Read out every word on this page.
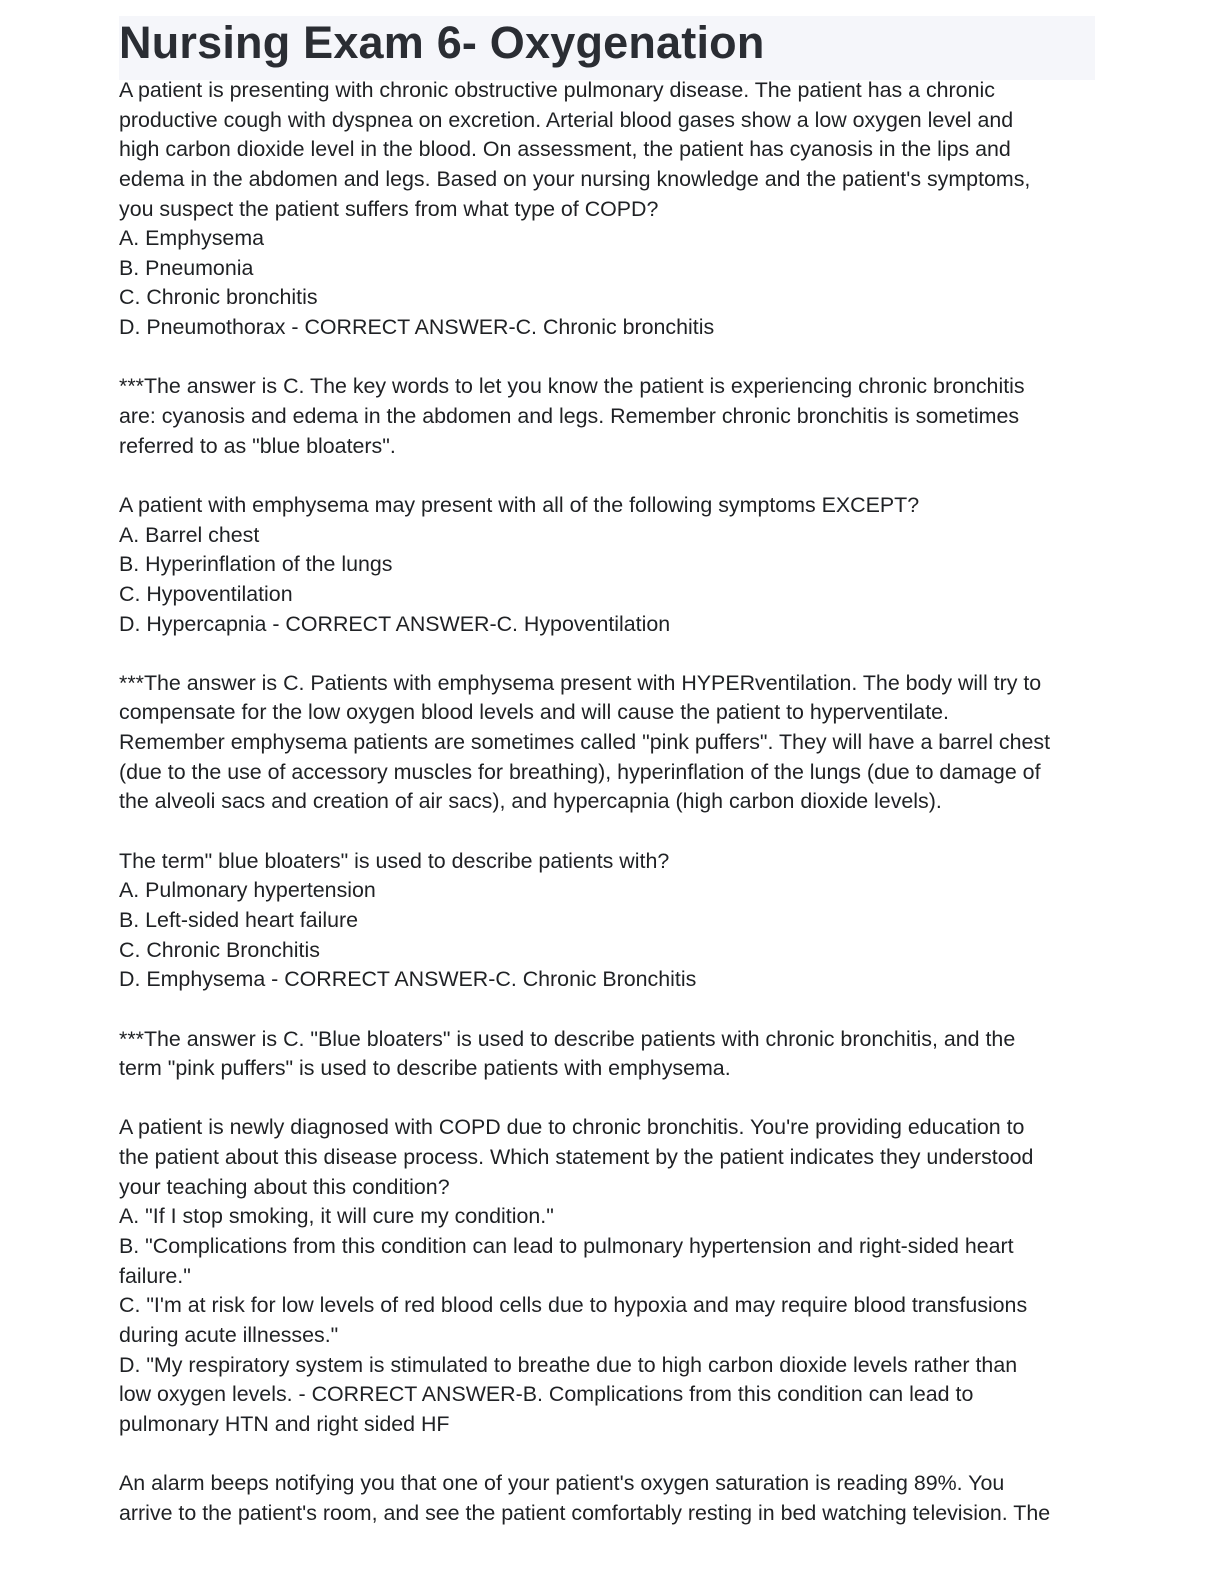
Nursing Exam 6- Oxygenation
A patient is presenting with chronic obstructive pulmonary disease. The patient has a chronic
productive cough with dyspnea on excretion. Arterial blood gases show a low oxygen level and
high carbon dioxide level in the blood. On assessment, the patient has cyanosis in the lips and
edema in the abdomen and legs. Based on your nursing knowledge and the patient's symptoms,
you suspect the patient suffers from what type of COPD?
A. Emphysema
B. Pneumonia
C. Chronic bronchitis
D. Pneumothorax - CORRECT ANSWER-C. Chronic bronchitis
***The answer is C. The key words to let you know the patient is experiencing chronic bronchitis
are: cyanosis and edema in the abdomen and legs. Remember chronic bronchitis is sometimes
referred to as "blue bloaters".
A patient with emphysema may present with all of the following symptoms EXCEPT?
A. Barrel chest
B. Hyperinflation of the lungs
C. Hypoventilation
D. Hypercapnia - CORRECT ANSWER-C. Hypoventilation
***The answer is C. Patients with emphysema present with HYPERventilation. The body will try to
compensate for the low oxygen blood levels and will cause the patient to hyperventilate.
Remember emphysema patients are sometimes called "pink puffers". They will have a barrel chest
(due to the use of accessory muscles for breathing), hyperinflation of the lungs (due to damage of
the alveoli sacs and creation of air sacs), and hypercapnia (high carbon dioxide levels).
The term" blue bloaters" is used to describe patients with?
A. Pulmonary hypertension
B. Left-sided heart failure
C. Chronic Bronchitis
D. Emphysema - CORRECT ANSWER-C. Chronic Bronchitis
***The answer is C. "Blue bloaters" is used to describe patients with chronic bronchitis, and the
term "pink puffers" is used to describe patients with emphysema.
A patient is newly diagnosed with COPD due to chronic bronchitis. You're providing education to
the patient about this disease process. Which statement by the patient indicates they understood
your teaching about this condition?
A. "If I stop smoking, it will cure my condition."
B. "Complications from this condition can lead to pulmonary hypertension and right-sided heart
failure."
C. "I'm at risk for low levels of red blood cells due to hypoxia and may require blood transfusions
during acute illnesses."
D. "My respiratory system is stimulated to breathe due to high carbon dioxide levels rather than
low oxygen levels. - CORRECT ANSWER-B. Complications from this condition can lead to
pulmonary HTN and right sided HF
An alarm beeps notifying you that one of your patient's oxygen saturation is reading 89%. You
arrive to the patient's room, and see the patient comfortably resting in bed watching television. The
